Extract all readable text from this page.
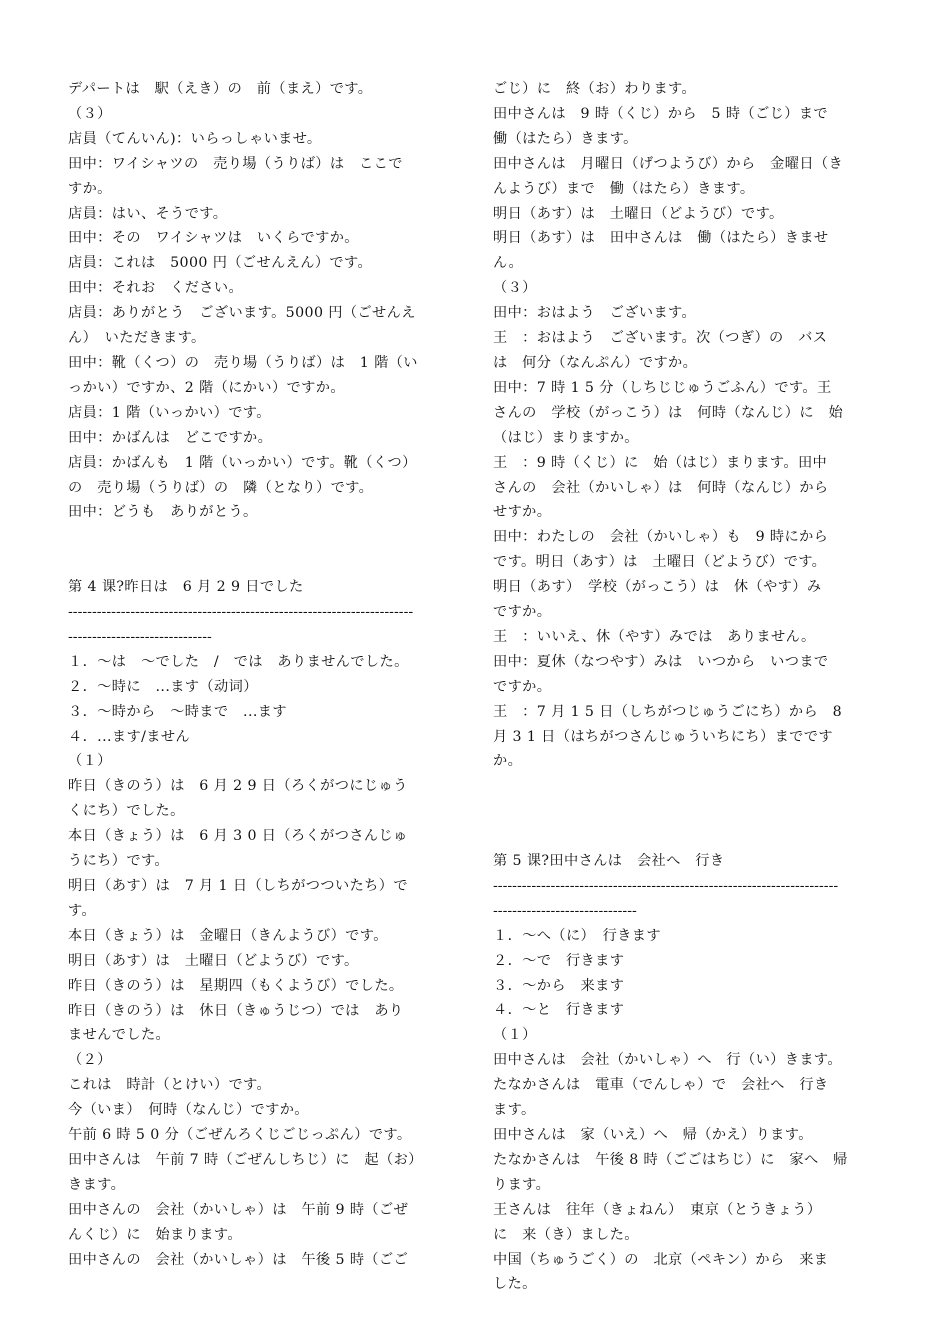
デパートは　駅（えき）の　前（まえ）です。
（３）
店員（てんいん)：いらっしゃいませ。
田中：ワイシャツの　売り場（うりば）は　ここで
すか。
店員：はい、そうです。
田中：その　ワイシャツは　いくらですか。
店員：これは　5000 円（ごせんえん）です。
田中：それお　ください。
店員：ありがとう　ございます。5000 円（ごせんえ
ん）　いただきます。
田中：靴（くつ）の　売り場（うりば）は　1 階（い
っかい）ですか、2 階（にかい）ですか。
店員：1 階（いっかい）です。
田中：かばんは　どこですか。
店員：かばんも　1 階（いっかい）です。靴（くつ）
の　売り場（うりば）の　隣（となり）です。
田中：どうも　ありがとう。
第 4 课?昨日は　6 月 2 9 日でした
------------------------------------------------------------------------
------------------------------
１．～は　～でした　/　では　ありませんでした。
２．～時に　...ます（动词）
３．～時から　～時まで　...ます
４．...ます/ません
（１）
昨日（きのう）は　6 月 2 9 日（ろくがつにじゅう
くにち）でした。
本日（きょう）は　6 月 3 0 日（ろくがつさんじゅ
うにち）です。
明日（あす）は　7 月 1 日（しちがつついたち）で
す。
本日（きょう）は　金曜日（きんようび）です。
明日（あす）は　土曜日（どようび）です。
昨日（きのう）は　星期四（もくようび）でした。
昨日（きのう）は　休日（きゅうじつ）では　あり
ませんでした。
（２）
これは　時計（とけい）です。
今（いま）　何時（なんじ）ですか。
午前 6 時 5 0 分（ごぜんろくじごじっぷん）です。
田中さんは　午前 7 時（ごぜんしちじ）に　起（お）
きます。
田中さんの　会社（かいしゃ）は　午前 9 時（ごぜ
んくじ）に　始まります。
田中さんの　会社（かいしゃ）は　午後 5 時（ごご
ごじ）に　終（お）わります。
田中さんは　9 時（くじ）から　5 時（ごじ）まで
働（はたら）きます。
田中さんは　月曜日（げつようび）から　金曜日（き
んようび）まで　働（はたら）きます。
明日（あす）は　土曜日（どようび）です。
明日（あす）は　田中さんは　働（はたら）きませ
ん。
（３）
田中：おはよう　ございます。
王　：おはよう　ございます。次（つぎ）の　バス
は　何分（なんぷん）ですか。
田中：7 時 1 5 分（しちじじゅうごふん）です。王
さんの　学校（がっこう）は　何時（なんじ）に　始
（はじ）まりますか。
王　：9 時（くじ）に　始（はじ）まります。田中
さんの　会社（かいしゃ）は　何時（なんじ）から
せすか。
田中：わたしの　会社（かいしゃ）も　9 時にから
です。明日（あす）は　土曜日（どようび）です。
明日（あす）　学校（がっこう）は　休（やす）み
ですか。
王　：いいえ、休（やす）みでは　ありません。
田中：夏休（なつやす）みは　いつから　いつまで
ですか。
王　：7 月 1 5 日（しちがつじゅうごにち）から　8
月 3 1 日（はちがつさんじゅういちにち）までです
か。
第 5 课?田中さんは　会社へ　行き
------------------------------------------------------------------------
------------------------------
１．～へ（に）　行きます
２．～で　行きます
３．～から　来ます
４．～と　行きます
（１）
田中さんは　会社（かいしゃ）へ　行（い）きます。
たなかさんは　電車（でんしゃ）で　会社へ　行き
ます。
田中さんは　家（いえ）へ　帰（かえ）ります。
たなかさんは　午後 8 時（ごごはちじ）に　家へ　帰
ります。
王さんは　往年（きょねん）　東京（とうきょう）
に　来（き）ました。
中国（ちゅうごく）の　北京（ペキン）から　来ま
した。
